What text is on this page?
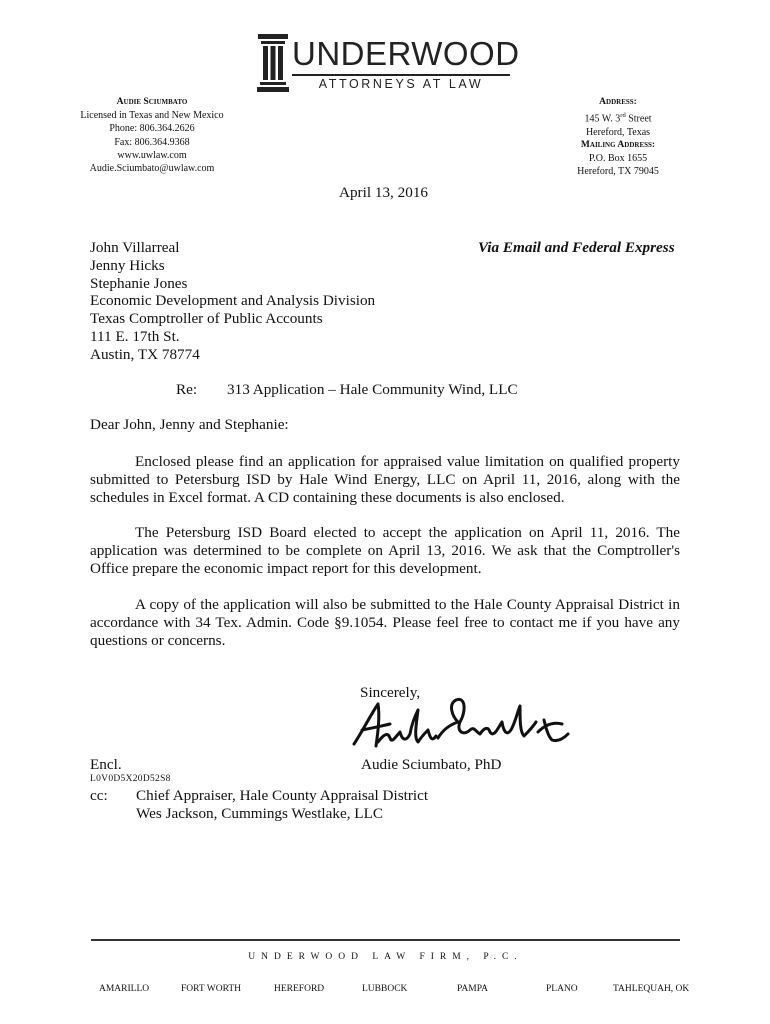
UNDERWOOD
ATTORNEYS AT LAW
Audie Sciumbato
Licensed in Texas and New Mexico
Phone: 806.364.2626
Fax: 806.364.9368
www.uwlaw.com
Audie.Sciumbato@uwlaw.com
Address:
145 W. 3rd Street
Hereford, Texas
Mailing Address:
P.O. Box 1655
Hereford, TX 79045
April 13, 2016
John Villarreal
Jenny Hicks
Stephanie Jones
Economic Development and Analysis Division
Texas Comptroller of Public Accounts
111 E. 17th St.
Austin, TX 78774
Via Email and Federal Express
Re: 313 Application – Hale Community Wind, LLC
Dear John, Jenny and Stephanie:
Enclosed please find an application for appraised value limitation on qualified property submitted to Petersburg ISD by Hale Wind Energy, LLC on April 11, 2016, along with the schedules in Excel format. A CD containing these documents is also enclosed.
The Petersburg ISD Board elected to accept the application on April 11, 2016. The application was determined to be complete on April 13, 2016. We ask that the Comptroller's Office prepare the economic impact report for this development.
A copy of the application will also be submitted to the Hale County Appraisal District in accordance with 34 Tex. Admin. Code §9.1054. Please feel free to contact me if you have any questions or concerns.
Sincerely,
Audie Sciumbato, PhD
Encl.
L0V0D5X20D52S8
cc: Chief Appraiser, Hale County Appraisal District
Wes Jackson, Cummings Westlake, LLC
UNDERWOOD LAW FIRM, P.C.
AMARILLO	FORT WORTH	HEREFORD	LUBBOCK	PAMPA	PLANO	TAHLEQUAH, OK
